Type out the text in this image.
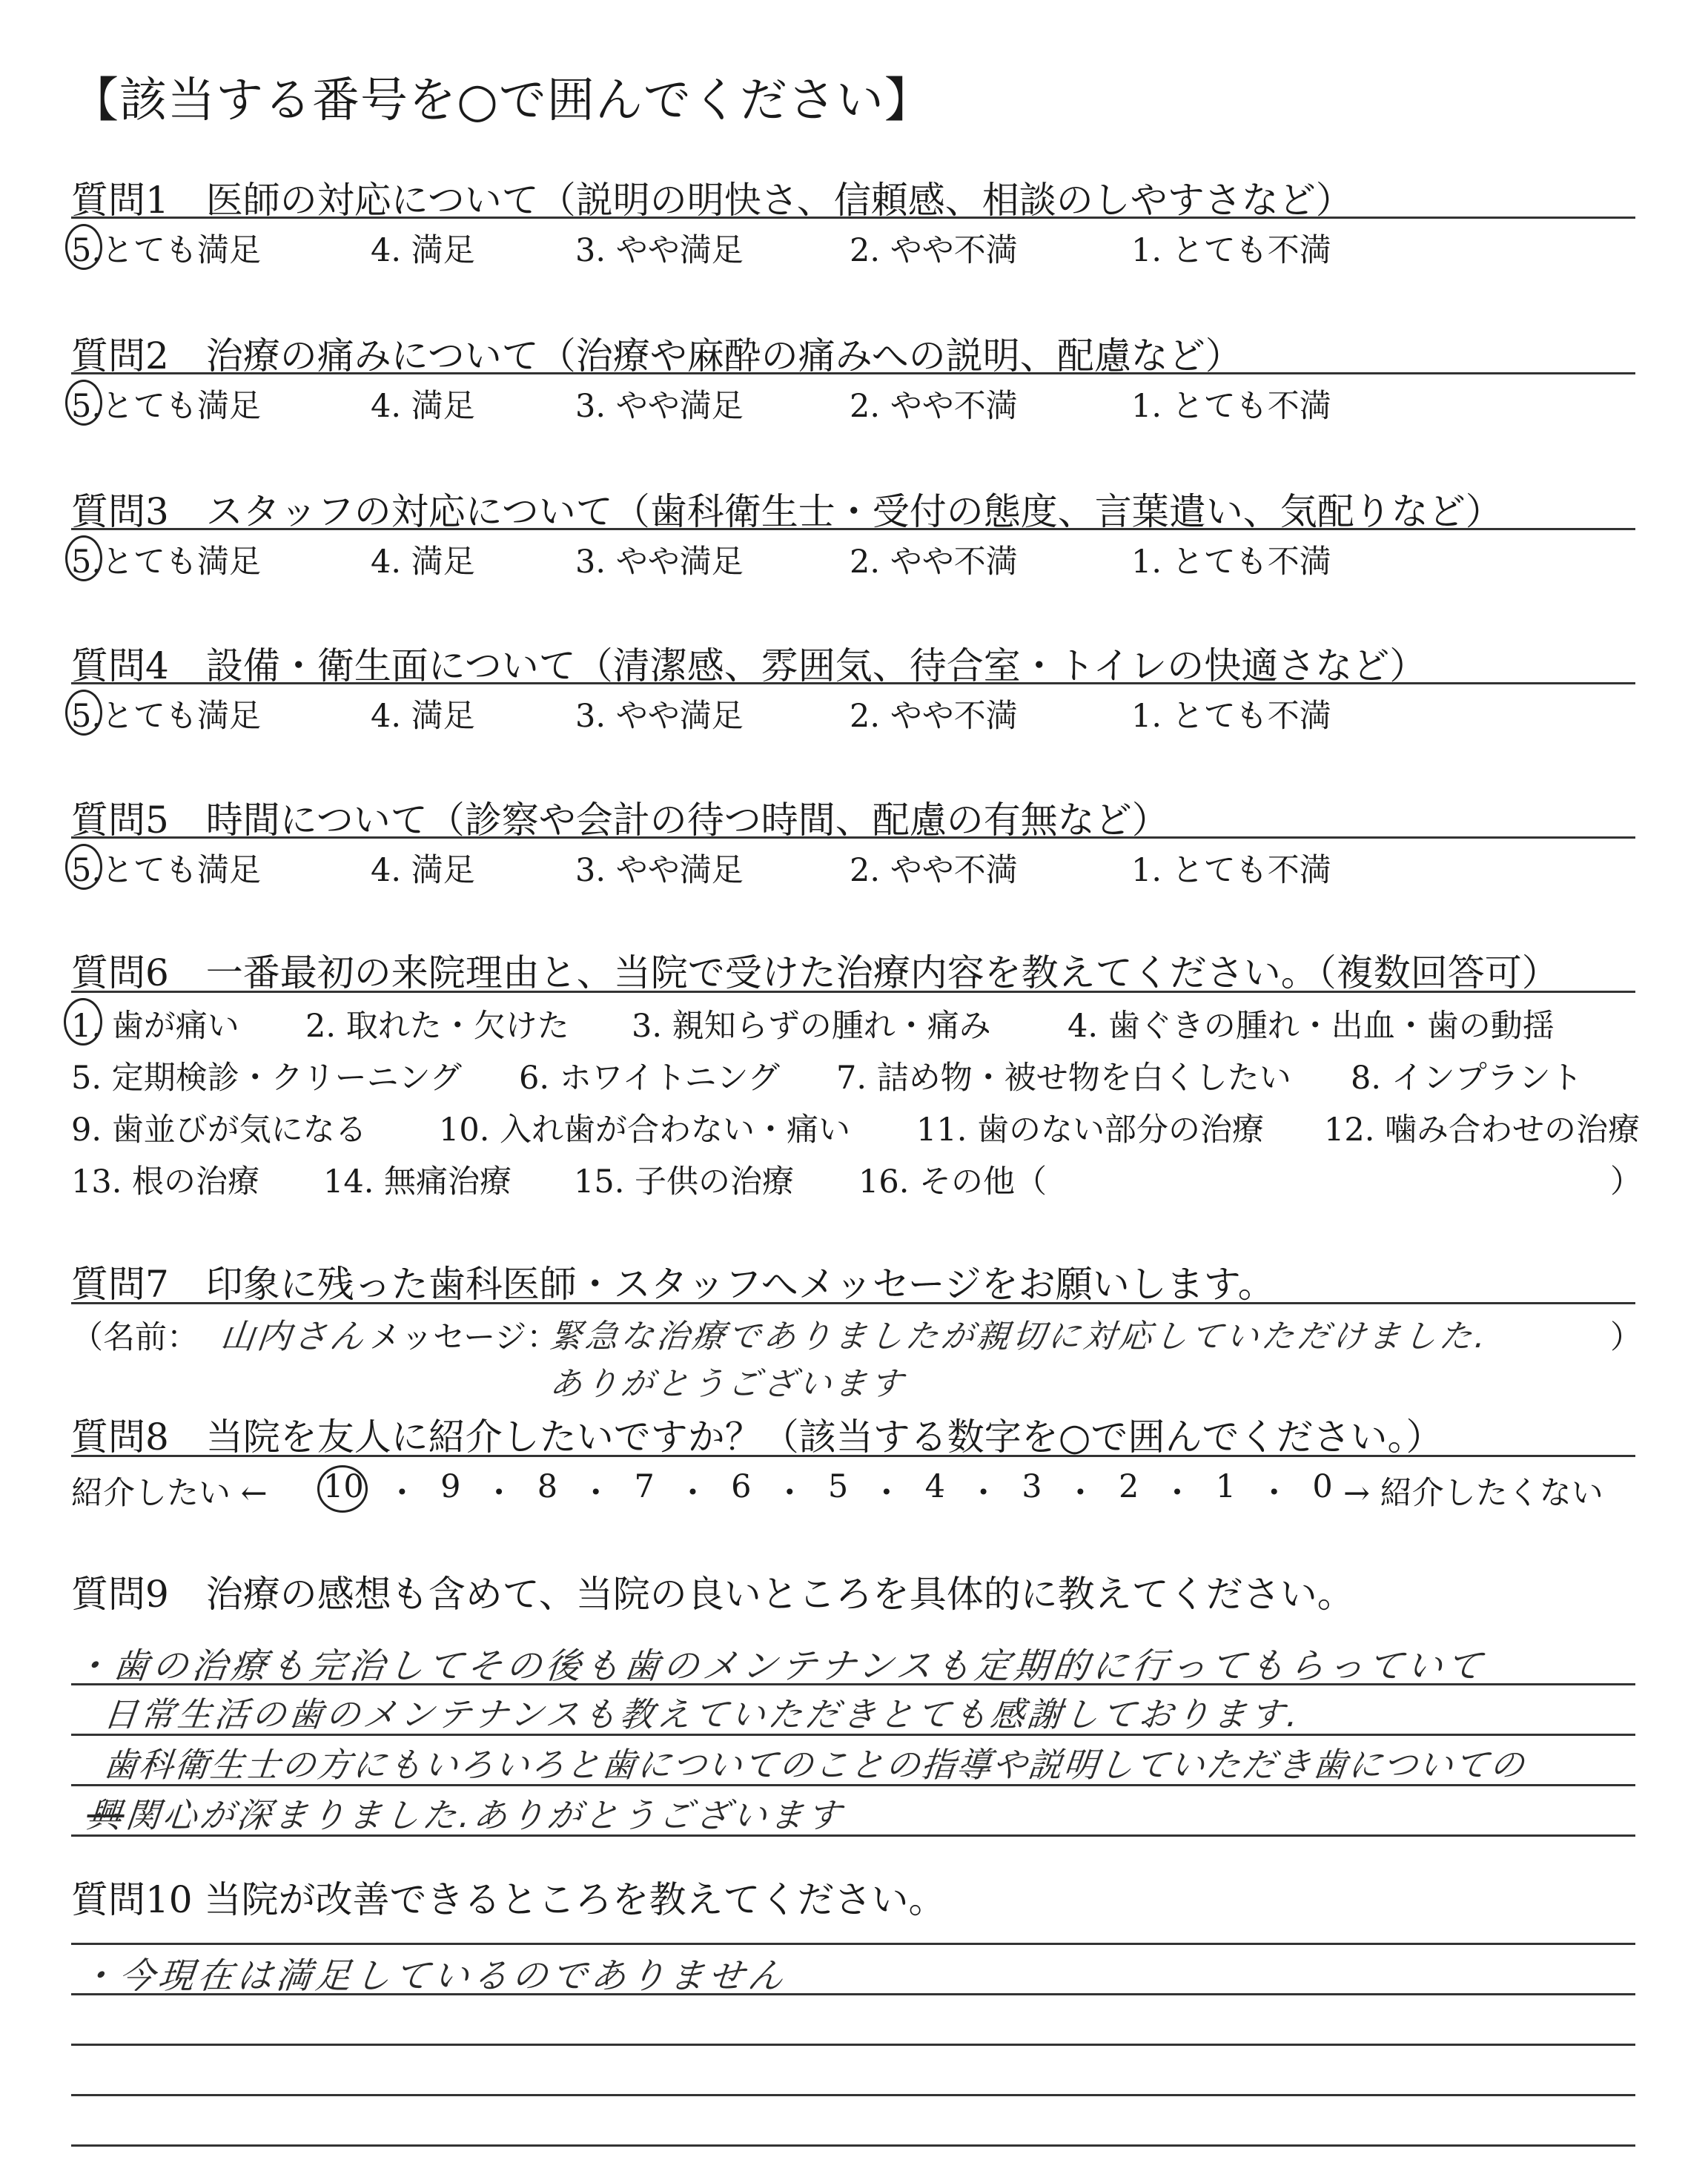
【該当する番号を○で囲んでください】
質問1　医師の対応について（説明の明快さ、信頼感、相談のしやすさなど）
5.とても満足	4. 満足	3. やや満足	2. やや不満	1. とても不満
質問2　治療の痛みについて（治療や麻酔の痛みへの説明、配慮など）
5.とても満足	4. 満足	3. やや満足	2. やや不満	1. とても不満
質問3　スタッフの対応について（歯科衛生士・受付の態度、言葉遣い、気配りなど）
5.とても満足	4. 満足	3. やや満足	2. やや不満	1. とても不満
質問4　設備・衛生面について（清潔感、雰囲気、待合室・トイレの快適さなど）
5.とても満足	4. 満足	3. やや満足	2. やや不満	1. とても不満
質問5　時間について（診察や会計の待つ時間、配慮の有無など）
5.とても満足	4. 満足	3. やや満足	2. やや不満	1. とても不満
質問6　一番最初の来院理由と、当院で受けた治療内容を教えてください。（複数回答可）
1. 歯が痛い 2. 取れた・欠けた 3. 親知らずの腫れ・痛み 4. 歯ぐきの腫れ・出血・歯の動揺
5. 定期検診・クリーニング 6. ホワイトニング 7. 詰め物・被せ物を白くしたい 8. インプラント
9. 歯並びが気になる 10. 入れ歯が合わない・痛い 11. 歯のない部分の治療 12. 噛み合わせの治療
13. 根の治療 14. 無痛治療 15. 子供の治療 16. その他（	）
質問7　印象に残った歯科医師・スタッフへメッセージをお願いします。
（名前： 山内さん メッセージ：
緊急な治療でありましたが親切に対応していただけました.
ありがとうございます
）
質問8　当院を友人に紹介したいですか？（該当する数字を○で囲んでください。）
紹介したい ← 10 ・ 9 ・ 8 ・ 7 ・ 6 ・ 5 ・ 4 ・ 3 ・ 2 ・ 1 ・ 0 → 紹介したくない
質問9　治療の感想も含めて、当院の良いところを具体的に教えてください。
・歯の治療も完治してその後も歯のメンテナンスも定期的に行ってもらっていて
日常生活の歯のメンテナンスも教えていただきとても感謝しております.
歯科衛生士の方にもいろいろと歯についてのことの指導や説明していただき歯についての
興
関心が深まりました.ありがとうございます
質問10 当院が改善できるところを教えてください。
・今現在は満足しているのでありません
